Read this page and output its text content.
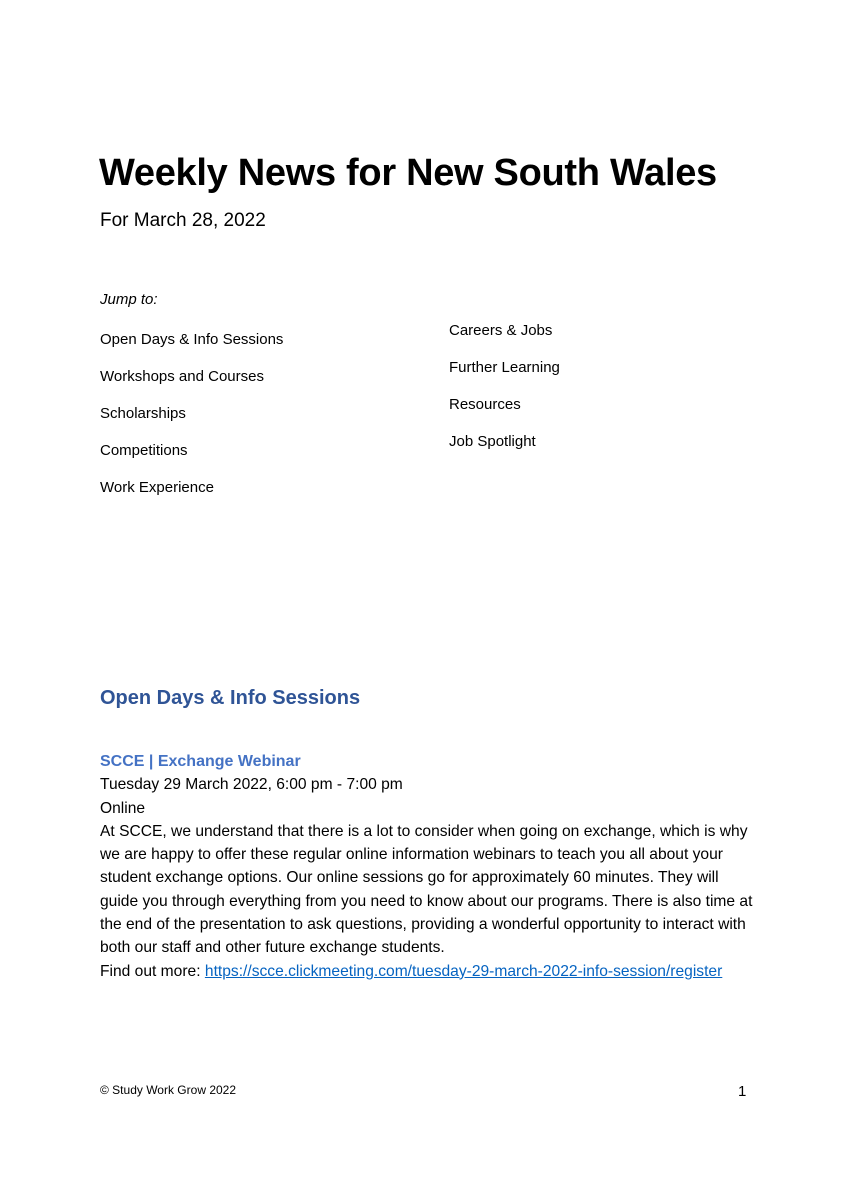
Weekly News for New South Wales

For March 28, 2022

Jump to:

Open Days & Info Sessions
Workshops and Courses
Scholarships
Competitions
Work Experience
Careers & Jobs
Further Learning
Resources
Job Spotlight
Open Days & Info Sessions
SCCE | Exchange Webinar

Tuesday 29 March 2022, 6:00 pm - 7:00 pm

Online

At SCCE, we understand that there is a lot to consider when going on exchange, which is why we are happy to offer these regular online information webinars to teach you all about your student exchange options. Our online sessions go for approximately 60 minutes. They will guide you through everything from you need to know about our programs. There is also time at the end of the presentation to ask questions, providing a wonderful opportunity to interact with both our staff and other future exchange students.

Find out more: https://scce.clickmeeting.com/tuesday-29-march-2022-info-session/register

© Study Work Grow 2022	1
